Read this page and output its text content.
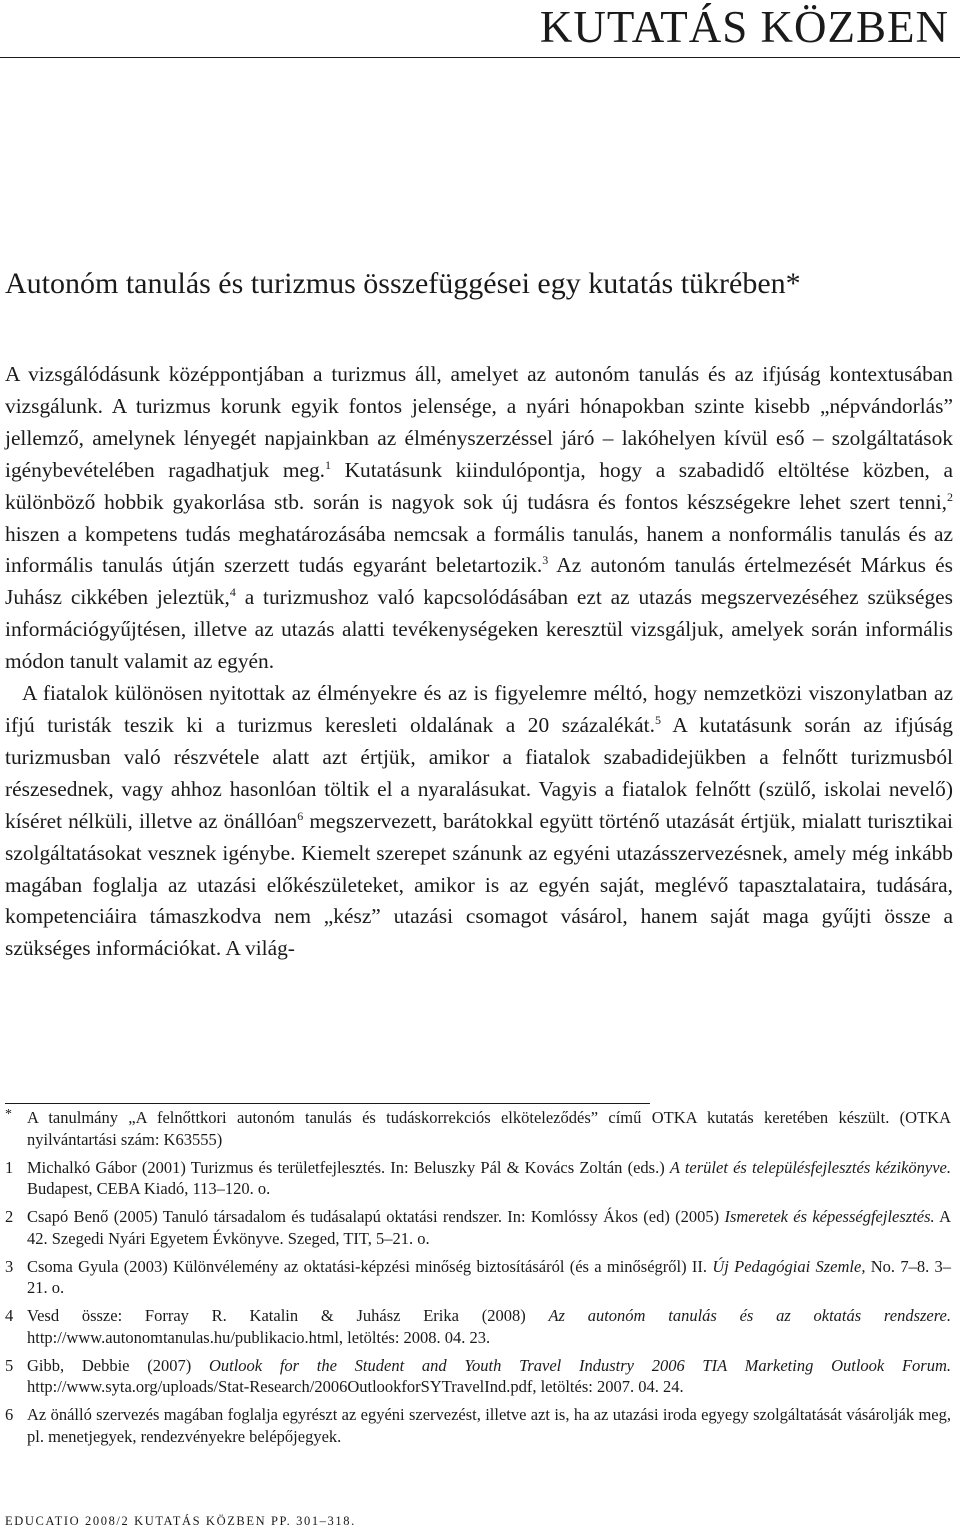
KUTATÁS KÖZBEN
Autonóm tanulás és turizmus összefüggései egy kutatás tükrében*

A vizsgálódásunk középpontjában a turizmus áll, amelyet az autonóm tanulás és az ifjúság kontextusában vizsgálunk. A turizmus korunk egyik fontos jelensége, a nyári hónapokban szinte kisebb „népvándorlás” jellemző, amelynek lényegét napjainkban az élményszerzéssel járó – lakóhelyen kívül eső – szolgáltatások igénybevételében ragadhatjuk meg.$^1$ Kutatásunk kiindulópontja, hogy a szabadidő eltöltése közben, a különböző hobbik gyakorlása stb. során is nagyok sok új tudásra és fontos készségekre lehet szert tenni,$^2$ hiszen a kompetens tudás meghatározásába nemcsak a formális tanulás, hanem a nonformális tanulás és az informális tanulás útján szerzett tudás egyaránt beletartozik.$^3$ Az autonóm tanulás értelmezését Márkus és Juhász cikkében jeleztük,$^4$ a turizmushoz való kapcsolódásában ezt az utazás megszervezéséhez szükséges információgyűjtésen, illetve az utazás alatti tevékenységeken keresztül vizsgáljuk, amelyek során informális módon tanult valamit az egyén.

A fiatalok különösen nyitottak az élményekre és az is figyelemre méltó, hogy nemzetközi viszonylatban az ifjú turisták teszik ki a turizmus keresleti oldalának a 20 százalékát.$^5$ A kutatásunk során az ifjúság turizmusban való részvétele alatt azt értjük, amikor a fiatalok szabadidejükben a felnőtt turizmusból részesednek, vagy ahhoz hasonlóan töltik el a nyaralásukat. Vagyis a fiatalok felnőtt (szülő, iskolai nevelő) kíséret nélküli, illetve az önállóan$^6$ megszervezett, barátokkal együtt történő utazását értjük, mialatt turisztikai szolgáltatásokat vesznek igénybe. Kiemelt szerepet szánunk az egyéni utazásszervezésnek, amely még inkább magában foglalja az utazási előkészületeket, amikor is az egyén saját, meglévő tapasztalataira, tudására, kompetenciáira támaszkodva nem „kész” utazási csomagot vásárol, hanem saját maga gyűjti össze a szükséges információkat. A világ-

* A tanulmány „A felnőttkori autonóm tanulás és tudáskorrekciós elköteleződés” című OTKA kutatás keretében készült. (OTKA nyilvántartási szám: K63555)
1 Michalkó Gábor (2001) Turizmus és területfejlesztés. In: Beluszky Pál & Kovács Zoltán (eds.) A terület és településfejlesztés kézikönyve. Budapest, CEBA Kiadó, 113–120. o.
2 Csapó Benő (2005) Tanuló társadalom és tudásalapú oktatási rendszer. In: Komlóssy Ákos (ed) (2005) Ismeretek és képességfejlesztés. A 42. Szegedi Nyári Egyetem Évkönyve. Szeged, TIT, 5–21. o.
3 Csoma Gyula (2003) Különvélemény az oktatási-képzési minőség biztosításáról (és a minőségről) II. Új Pedagógiai Szemle, No. 7–8. 3–21. o.
4 Vesd össze: Forray R. Katalin & Juhász Erika (2008) Az autonóm tanulás és az oktatás rendszere. http://www.autonomtanulas.hu/publikacio.html, letöltés: 2008. 04. 23.
5 Gibb, Debbie (2007) Outlook for the Student and Youth Travel Industry 2006 TIA Marketing Outlook Forum. http://www.syta.org/uploads/Stat-Research/2006OutlookforSYTravelInd.pdf, letöltés: 2007. 04. 24.
6 Az önálló szervezés magában foglalja egyrészt az egyéni szervezést, illetve azt is, ha az utazási iroda egyegy szolgáltatását vásárolják meg, pl. menetjegyek, rendezvényekre belépőjegyek.
EDUCATIO 2008/2 KUTATÁS KÖZBEN PP. 301–318.
